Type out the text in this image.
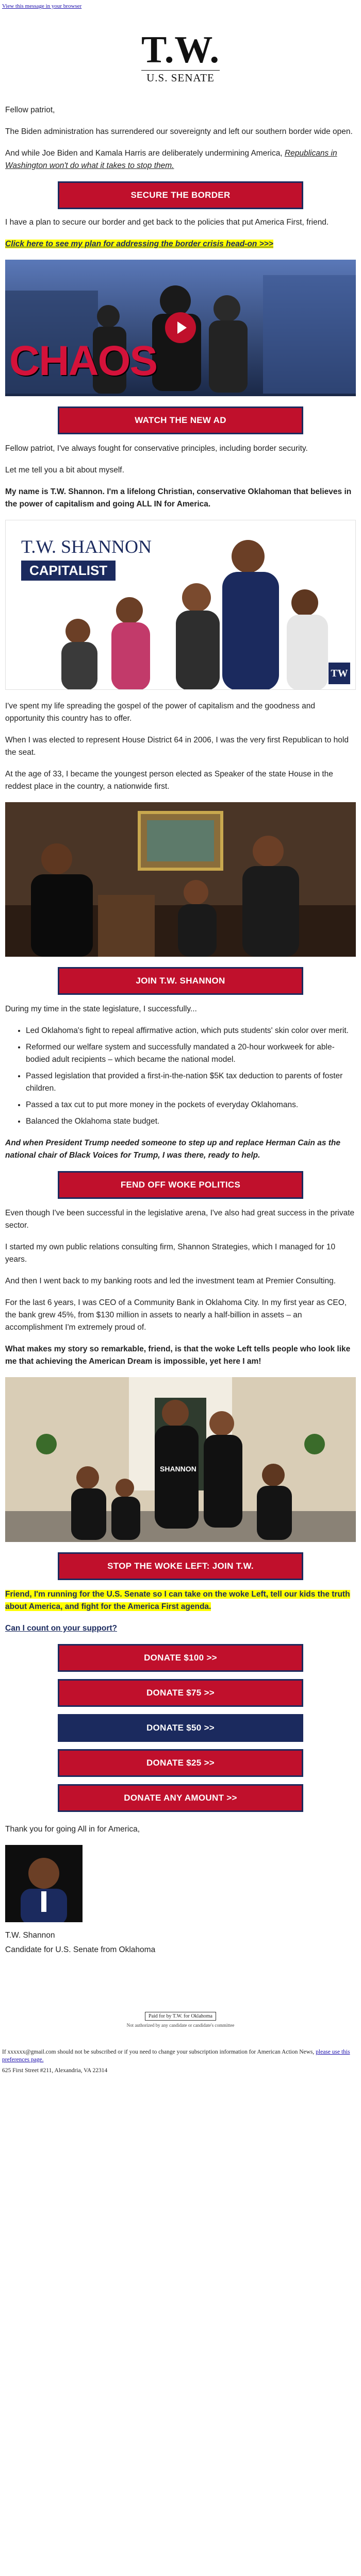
View this message in your browser
T.W.
U.S. SENATE

Fellow patriot,

The Biden administration has surrendered our sovereignty and left our southern border wide open.

And while Joe Biden and Kamala Harris are deliberately undermining America, Republicans in Washington won't do what it takes to stop them.

SECURE THE BORDER

I have a plan to secure our border and get back to the policies that put America First, friend.

Click here to see my plan for addressing the border crisis head-on >>>

CHAOS
WATCH THE NEW AD

Fellow patriot, I've always fought for conservative principles, including border security.

Let me tell you a bit about myself.

My name is T.W. Shannon. I'm a lifelong Christian, conservative Oklahoman that believes in the power of capitalism and going ALL IN for America.

T.W. SHANNON
CAPITALIST
TW

I've spent my life spreading the gospel of the power of capitalism and the goodness and opportunity this country has to offer.

When I was elected to represent House District 64 in 2006, I was the very first Republican to hold the seat.

At the age of 33, I became the youngest person elected as Speaker of the state House in the reddest place in the country, a nationwide first.

JOIN T.W. SHANNON

During my time in the state legislature, I successfully...

• Led Oklahoma's fight to repeal affirmative action, which puts students' skin color over merit.
• Reformed our welfare system and successfully mandated a 20-hour workweek for able-bodied adult recipients – which became the national model.
• Passed legislation that provided a first-in-the-nation $5K tax deduction to parents of foster children.
• Passed a tax cut to put more money in the pockets of everyday Oklahomans.
• Balanced the Oklahoma state budget.

And when President Trump needed someone to step up and replace Herman Cain as the national chair of Black Voices for Trump, I was there, ready to help.

FEND OFF WOKE POLITICS

Even though I've been successful in the legislative arena, I've also had great success in the private sector.

I started my own public relations consulting firm, Shannon Strategies, which I managed for 10 years.

And then I went back to my banking roots and led the investment team at Premier Consulting.

For the last 6 years, I was CEO of a Community Bank in Oklahoma City. In my first year as CEO, the bank grew 45%, from $130 million in assets to nearly a half-billion in assets – an accomplishment I'm extremely proud of.

What makes my story so remarkable, friend, is that the woke Left tells people who look like me that achieving the American Dream is impossible, yet here I am!

SHANNON
STOP THE WOKE LEFT: JOIN T.W.

Friend, I'm running for the U.S. Senate so I can take on the woke Left, tell our kids the truth about America, and fight for the America First agenda.

Can I count on your support?

DONATE $100 >>
DONATE $75 >>
DONATE $50 >>
DONATE $25 >>
DONATE ANY AMOUNT >>

Thank you for going All in for America,

T.W. Shannon

Candidate for U.S. Senate from Oklahoma

Paid for by T.W. for Oklahoma
Not authorized by any candidate or candidate's committee
If xxxxxx@gmail.com should not be subscribed or if you need to change your subscription information for American Action News, please use this preferences page.
625 First Street #211, Alexandria, VA 22314
